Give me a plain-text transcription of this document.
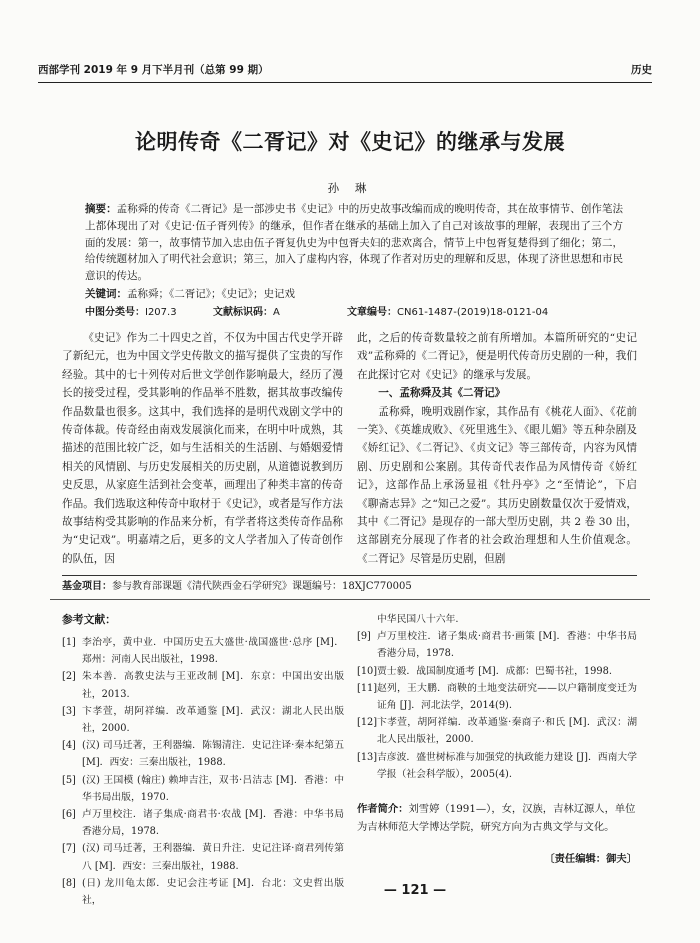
西部学刊 2019 年 9 月下半月刊（总第 99 期）	历史
论明传奇《二胥记》对《史记》的继承与发展
孙 琳
摘要：孟称舜的传奇《二胥记》是一部涉史书《史记》中的历史故事改编而成的晚明传奇，其在故事情节、创作笔法上都体现出了对《史记·伍子胥列传》的继承，但作者在继承的基础上加入了自己对该故事的理解，表现出了三个方面的发展：第一，故事情节加入忠由伍子胥复仇史为中包胥夫妇的悲欢离合，情节上中包胥复楚得到了细化；第二，给传统题材加入了明代社会意识；第三，加入了虚构内容，体现了作者对历史的理解和反思，体现了济世思想和市民意识的传达。
关键词：孟称舜；《二胥记》；《史记》；史记戏
中图分类号：I207.3	文献标识码：A	文章编号：CN61-1487-(2019)18-0121-04

《史记》作为二十四史之首，不仅为中国古代史学开辟了新纪元，也为中国文学史传散文的描写提供了宝贵的写作经验。其中的七十列传对后世文学创作影响最大，经历了漫长的接受过程，受其影响的作品举不胜数，据其故事改编传作品数量也很多。这其中，我们选择的是明代戏剧文学中的传奇体裁。传奇经由南戏发展演化而来，在明中叶成熟，其描述的范围比较广泛，如与生活相关的生活剧、与婚姻爱情相关的风情剧、与历史发展相关的历史剧，从道德说教到历史反思，从家庭生活到社会变革，画理出了种类丰富的传奇作品。我们选取这种传奇中取材于《史记》，或者是写作方法故事结构受其影响的作品来分析，有学者将这类传奇作品称为“史记戏”。明嘉靖之后，更多的文人学者加入了传奇创作的队伍，因

此，之后的传奇数量较之前有所增加。本篇所研究的“史记戏”孟称舜的《二胥记》，便是明代传奇历史剧的一种，我们在此探讨它对《史记》的继承与发展。

一、孟称舜及其《二胥记》

孟称舜，晚明戏剧作家，其作品有《桃花人面》、《花前一笑》、《英雄成败》、《死里逃生》、《眼儿媚》等五种杂剧及《娇红记》、《二胥记》、《贞文记》等三部传奇，内容为风情剧、历史剧和公案剧。其传奇代表作品为风情传奇《娇红记》，这部作品上承汤显祖《牡丹亭》之“至情论”，下启《聊斋志异》之“知己之爱”。其历史剧数量仅次于爱情戏，其中《二胥记》是现存的一部大型历史剧，共 2 卷 30 出，这部剧充分展现了作者的社会政治理想和人生价值观念。《二胥记》尽管是历史剧，但剧

基金项目：参与教育部课题《清代陕西金石学研究》课题编号：18XJC770005
参考文献：
[1] 李治亭，黄中业．中国历史五大盛世·战国盛世·总序 [M]．郑州：河南人民出版社，1998.
[2] 朱本善．高教史法与王亚改制 [M]．东京：中国出安出版社，2013.
[3] 卞孝萱，胡阿祥编．改革通鉴 [M]．武汉：湖北人民出版社，2000.
[4] (汉) 司马迁著，王利器编．陈锡清注．史记注译·秦本纪第五 [M]．西安：三秦出版社，1988.
[5] (汉) 王国模 (翰庄) 赖坤吉注，双书·吕洁志 [M]．香港：中华书局出版，1970.
[6] 卢万里校注．诸子集成·商君书·农战 [M]．香港：中华书局香港分局，1978.
[7] (汉) 司马迁著，王利器编．黄日升注．史记注译·商君列传第八 [M]．西安：三秦出版社，1988.
[8] (日) 龙川龟太郎．史记会注考证 [M]．台北：文史哲出版社，
中华民国八十六年.
[9] 卢万里校注．诸子集成·商君书·画策 [M]．香港：中华书局香港分局，1978.
[10] 贾士毅．战国制度通考 [M]．成都：巴蜀书社，1998.
[11] 赵列，王大鹏．商鞅的土地变法研究——以户籍制度变迁为证角 [J]．河北法学，2014(9).
[12] 卞孝萱，胡阿祥编．改革通鉴·秦商子·和氏 [M]．武汉：湖北人民出版社，2000.
[13] 吉彦波．盛世树标准与加强党的执政能力建设 [J]．西南大学学报（社会科学版），2005(4).
作者简介：刘雪婷（1991—），女，汉族，吉林辽源人，单位为吉林师范大学博达学院，研究方向为古典文学与文化。
〔责任编辑：御夫〕
— 121 —
